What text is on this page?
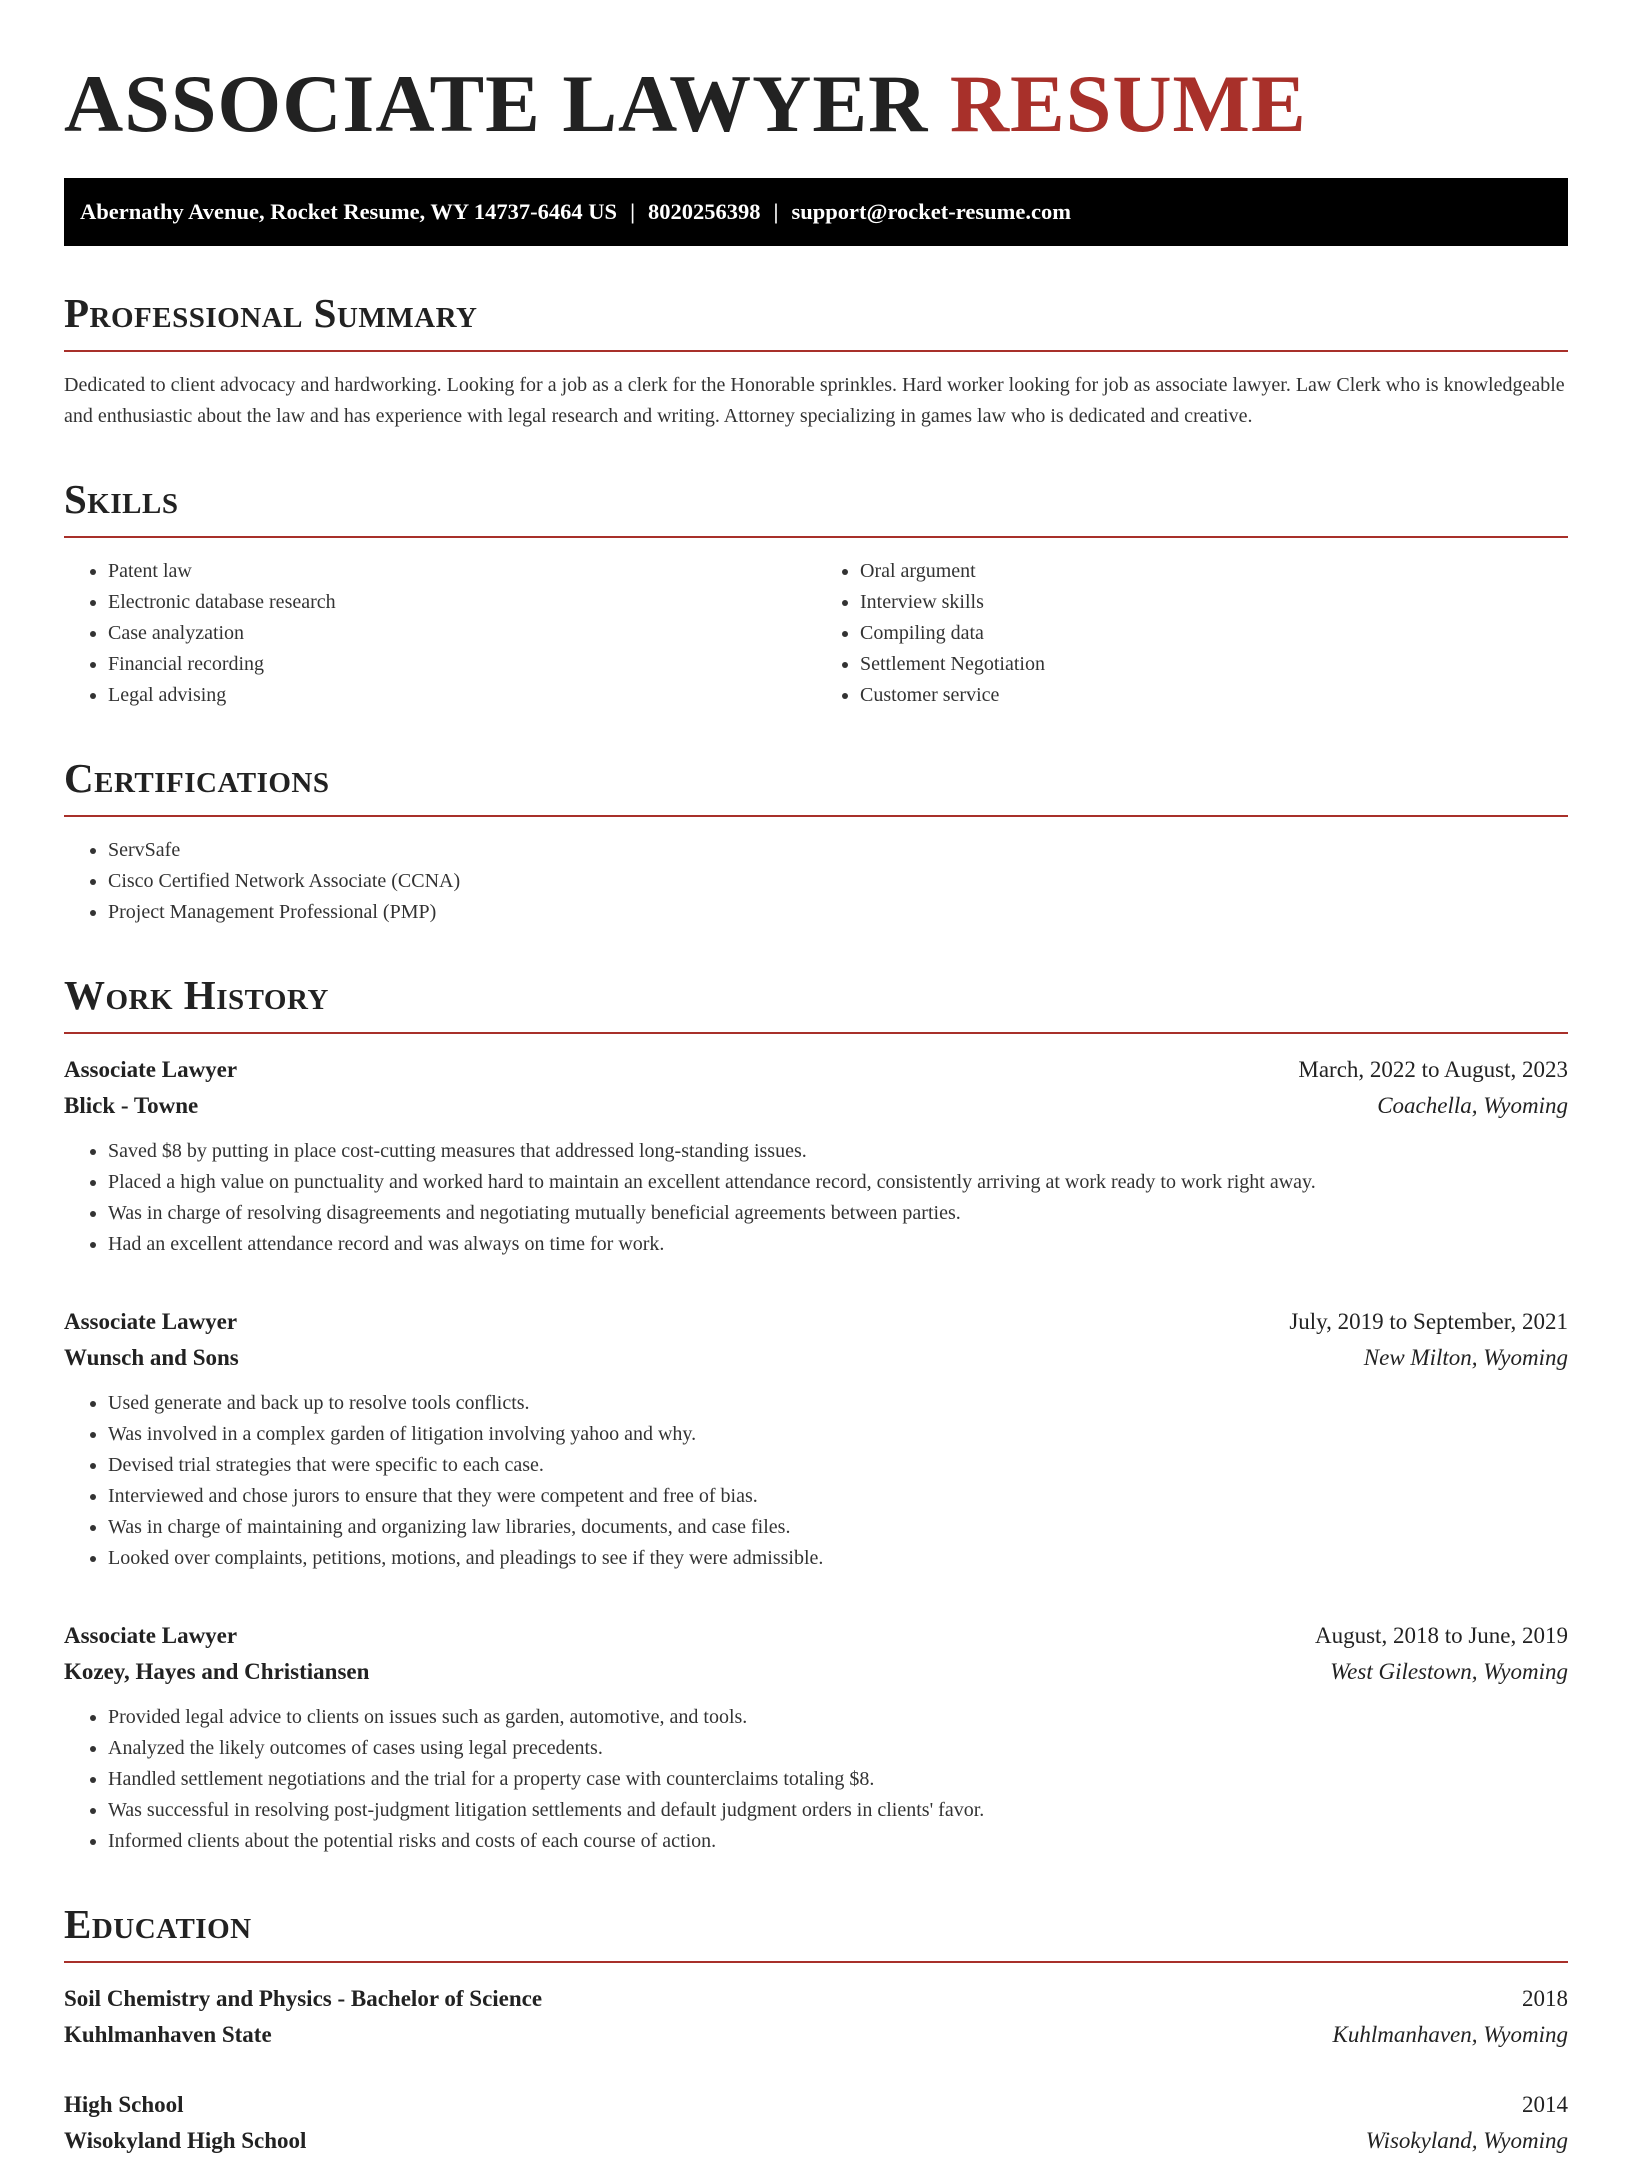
ASSOCIATE LAWYER RESUME
Abernathy Avenue, Rocket Resume, WY 14737-6464 US | 8020256398 | support@rocket-resume.com
Professional Summary

Dedicated to client advocacy and hardworking. Looking for a job as a clerk for the Honorable sprinkles. Hard worker looking for job as associate lawyer. Law Clerk who is knowledgeable and enthusiastic about the law and has experience with legal research and writing. Attorney specializing in games law who is dedicated and creative.

Skills
• Patent law
• Electronic database research
• Case analyzation
• Financial recording
• Legal advising
• Oral argument
• Interview skills
• Compiling data
• Settlement Negotiation
• Customer service
Certifications
• ServSafe
• Cisco Certified Network Associate (CCNA)
• Project Management Professional (PMP)
Work History
Associate Lawyer	March, 2022 to August, 2023
Blick - Towne	Coachella, Wyoming
• Saved $8 by putting in place cost-cutting measures that addressed long-standing issues.
• Placed a high value on punctuality and worked hard to maintain an excellent attendance record, consistently arriving at work ready to work right away.
• Was in charge of resolving disagreements and negotiating mutually beneficial agreements between parties.
• Had an excellent attendance record and was always on time for work.
Associate Lawyer	July, 2019 to September, 2021
Wunsch and Sons	New Milton, Wyoming
• Used generate and back up to resolve tools conflicts.
• Was involved in a complex garden of litigation involving yahoo and why.
• Devised trial strategies that were specific to each case.
• Interviewed and chose jurors to ensure that they were competent and free of bias.
• Was in charge of maintaining and organizing law libraries, documents, and case files.
• Looked over complaints, petitions, motions, and pleadings to see if they were admissible.
Associate Lawyer	August, 2018 to June, 2019
Kozey, Hayes and Christiansen	West Gilestown, Wyoming
• Provided legal advice to clients on issues such as garden, automotive, and tools.
• Analyzed the likely outcomes of cases using legal precedents.
• Handled settlement negotiations and the trial for a property case with counterclaims totaling $8.
• Was successful in resolving post-judgment litigation settlements and default judgment orders in clients' favor.
• Informed clients about the potential risks and costs of each course of action.
Education
Soil Chemistry and Physics - Bachelor of Science	2018
Kuhlmanhaven State	Kuhlmanhaven, Wyoming
High School	2014
Wisokyland High School	Wisokyland, Wyoming
